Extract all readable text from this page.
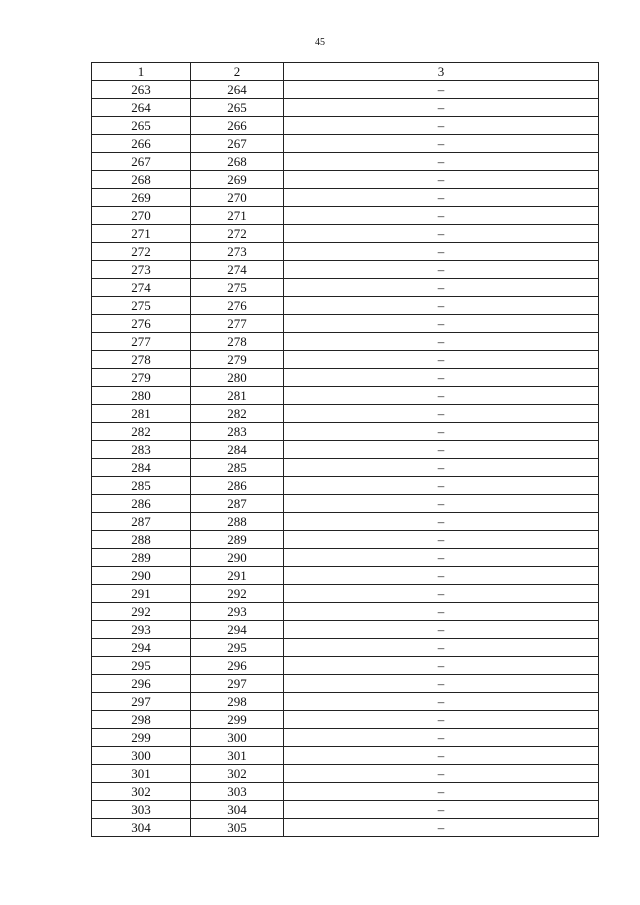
45
1	2	3
263	264	–
264	265	–
265	266	–
266	267	–
267	268	–
268	269	–
269	270	–
270	271	–
271	272	–
272	273	–
273	274	–
274	275	–
275	276	–
276	277	–
277	278	–
278	279	–
279	280	–
280	281	–
281	282	–
282	283	–
283	284	–
284	285	–
285	286	–
286	287	–
287	288	–
288	289	–
289	290	–
290	291	–
291	292	–
292	293	–
293	294	–
294	295	–
295	296	–
296	297	–
297	298	–
298	299	–
299	300	–
300	301	–
301	302	–
302	303	–
303	304	–
304	305	–
